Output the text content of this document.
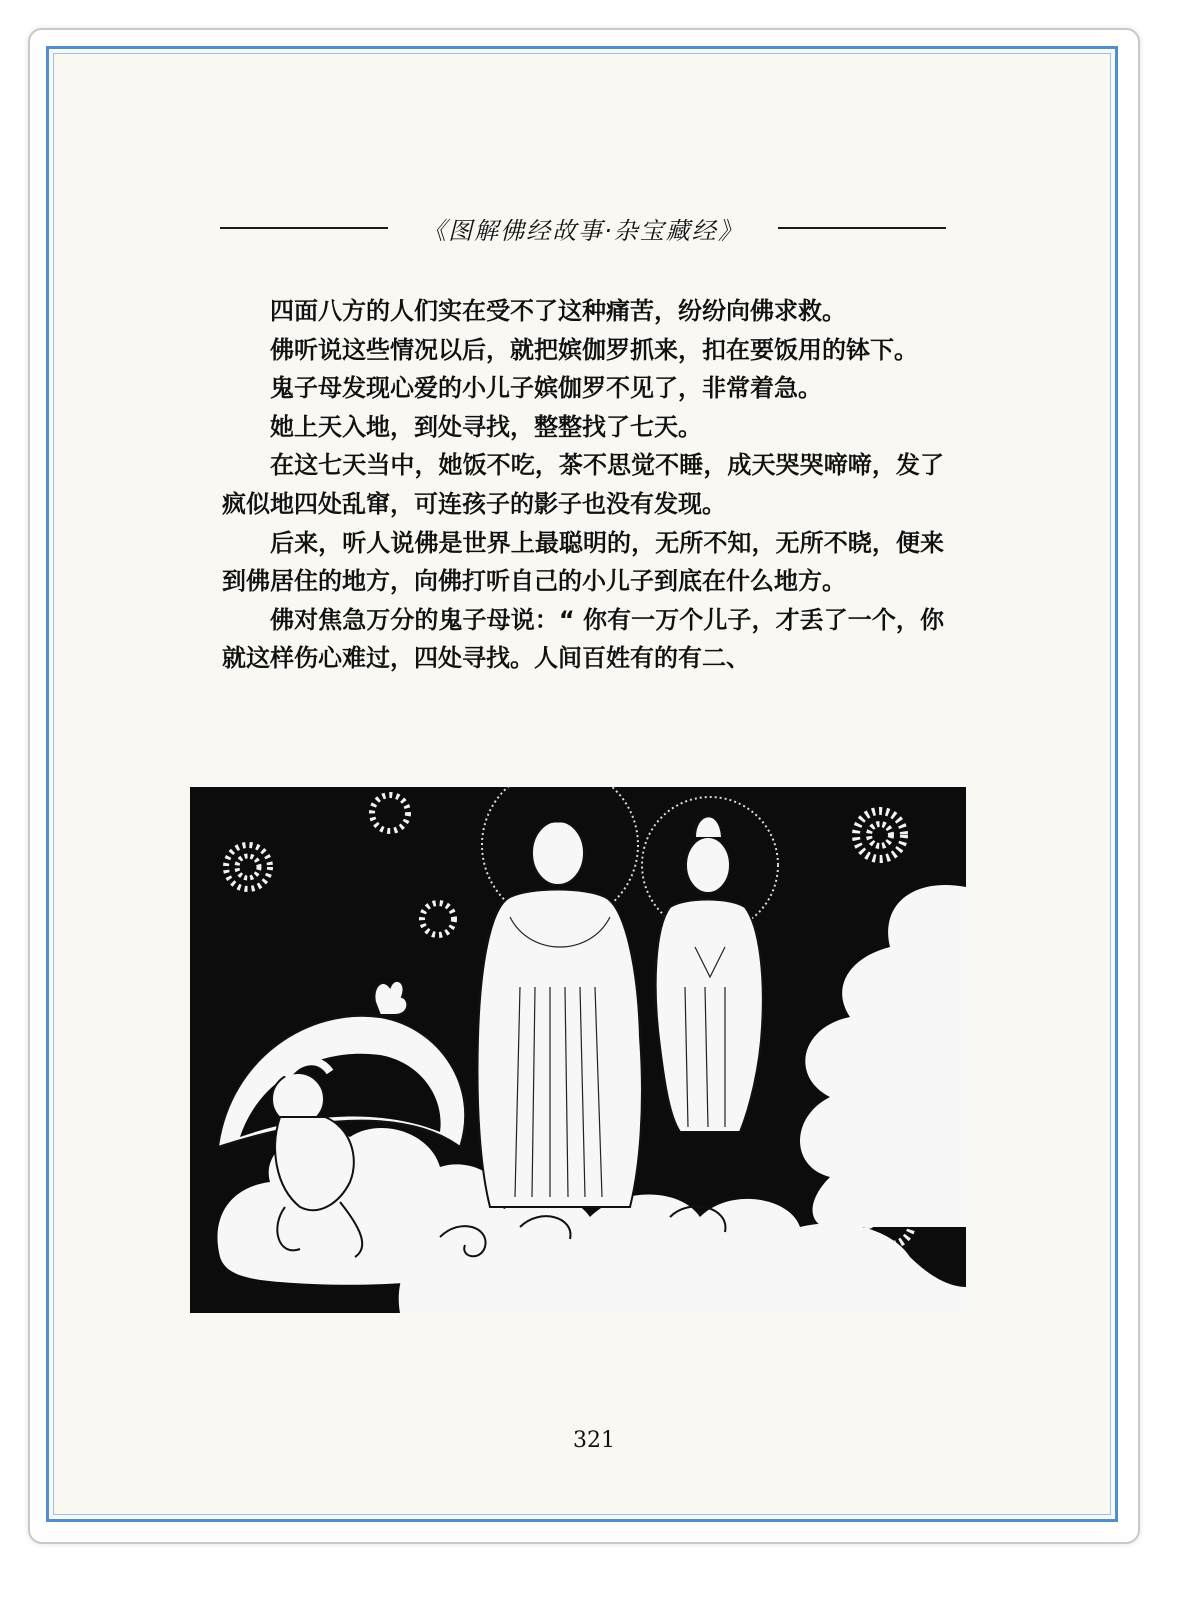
《图解佛经故事·杂宝藏经》

四面八方的人们实在受不了这种痛苦，纷纷向佛求救。

佛听说这些情况以后，就把嫔伽罗抓来，扣在要饭用的钵下。

鬼子母发现心爱的小儿子嫔伽罗不见了，非常着急。

她上天入地，到处寻找，整整找了七天。

在这七天当中，她饭不吃，茶不思觉不睡，成天哭哭啼啼，发了疯似地四处乱窜，可连孩子的影子也没有发现。

后来，听人说佛是世界上最聪明的，无所不知，无所不晓，便来到佛居住的地方，向佛打听自己的小儿子到底在什么地方。

佛对焦急万分的鬼子母说：“ 你有一万个儿子，才丢了一个，你就这样伤心难过，四处寻找。人间百姓有的有二、

321
